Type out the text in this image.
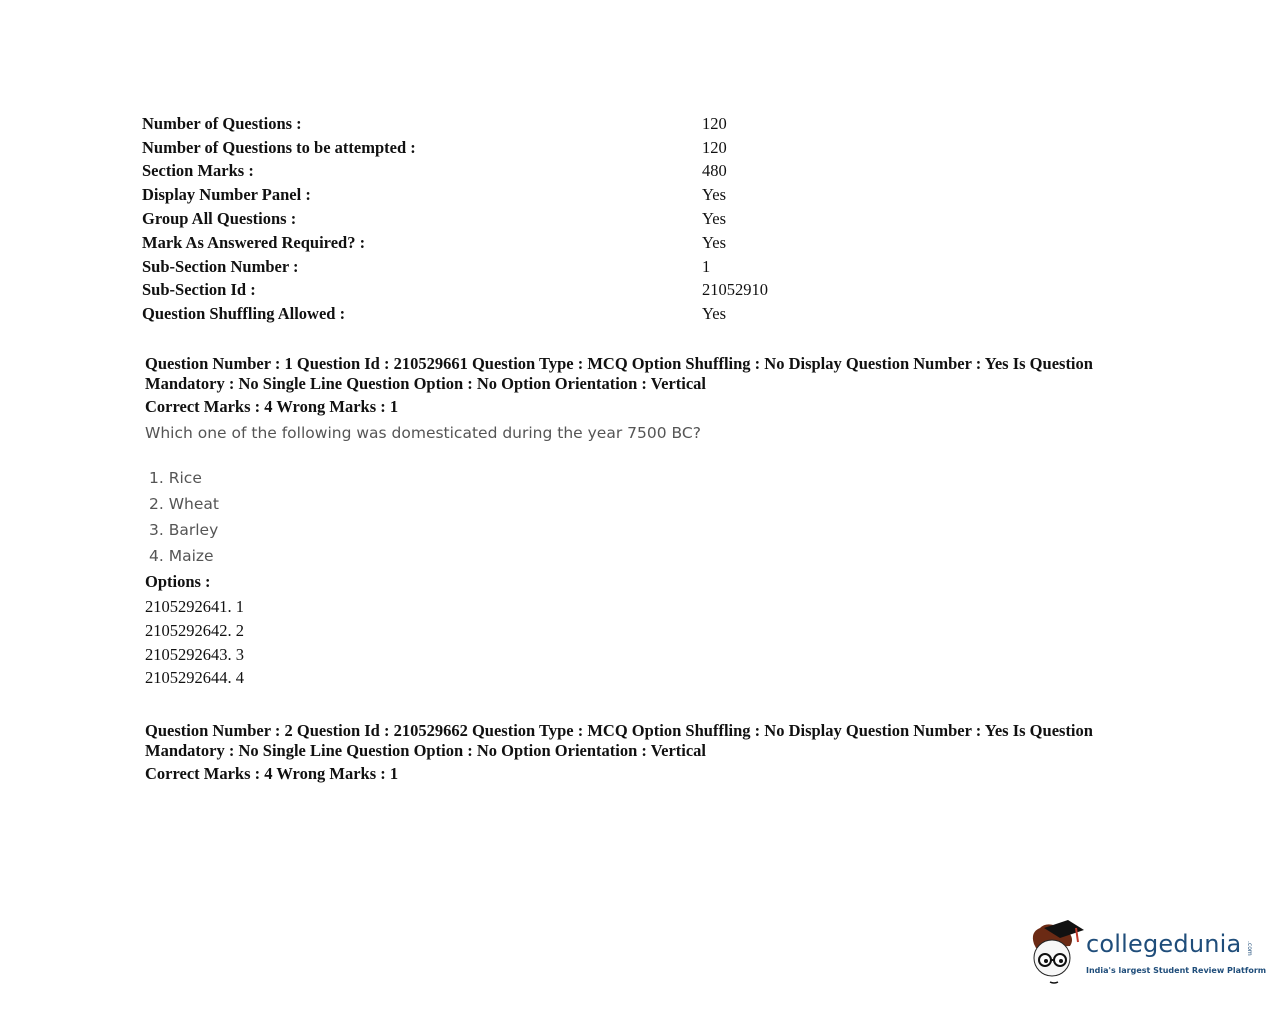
Number of Questions :	120
Number of Questions to be attempted :	120
Section Marks :	480
Display Number Panel :	Yes
Group All Questions :	Yes
Mark As Answered Required? :	Yes
Sub-Section Number :	1
Sub-Section Id :	21052910
Question Shuffling Allowed :	Yes
Question Number : 1 Question Id : 210529661 Question Type : MCQ Option Shuffling : No Display Question Number : Yes Is Question Mandatory : No Single Line Question Option : No Option Orientation : Vertical
Correct Marks : 4 Wrong Marks : 1
Which one of the following was domesticated during the year 7500 BC?
1. Rice
2. Wheat
3. Barley
4. Maize
Options :
2105292641. 1
2105292642. 2
2105292643. 3
2105292644. 4
Question Number : 2 Question Id : 210529662 Question Type : MCQ Option Shuffling : No Display Question Number : Yes Is Question Mandatory : No Single Line Question Option : No Option Orientation : Vertical
Correct Marks : 4 Wrong Marks : 1
collegedunia .com
India's largest Student Review Platform
